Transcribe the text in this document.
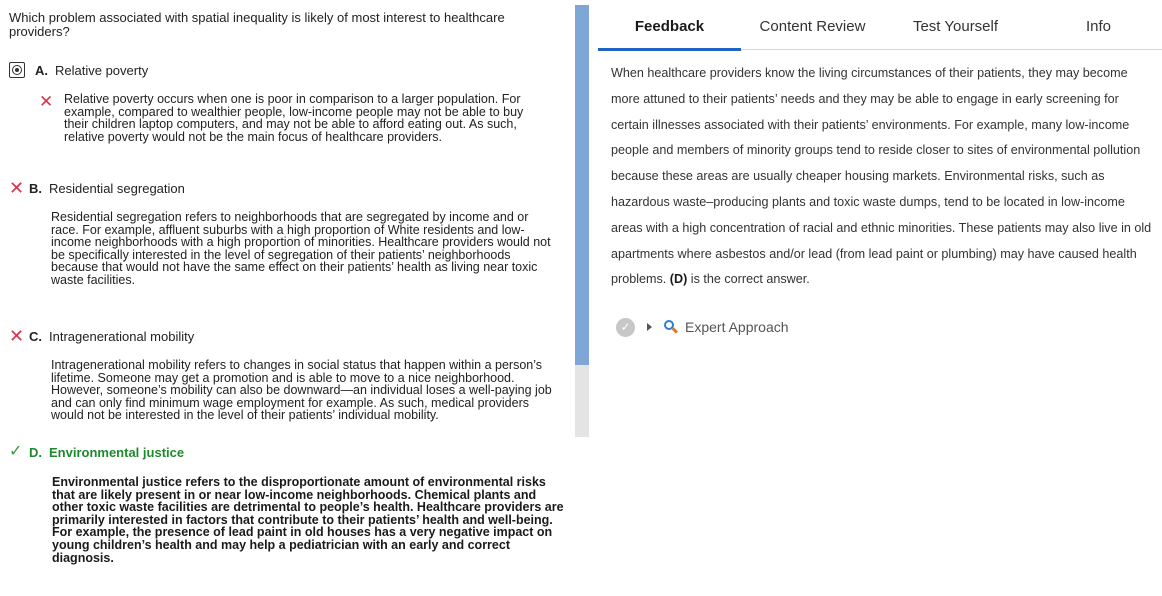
Which problem associated with spatial inequality is likely of most interest to healthcare providers?
A. Relative poverty
✕ Relative poverty occurs when one is poor in comparison to a larger population. For example, compared to wealthier people, low-income people may not be able to buy their children laptop computers, and may not be able to afford eating out. As such, relative poverty would not be the main focus of healthcare providers.
✕ B. Residential segregation
Residential segregation refers to neighborhoods that are segregated by income and or race. For example, affluent suburbs with a high proportion of White residents and low-income neighborhoods with a high proportion of minorities. Healthcare providers would not be specifically interested in the level of segregation of their patients’ neighborhoods because that would not have the same effect on their patients’ health as living near toxic waste facilities.
✕ C. Intragenerational mobility
Intragenerational mobility refers to changes in social status that happen within a person’s lifetime. Someone may get a promotion and is able to move to a nice neighborhood. However, someone’s mobility can also be downward—an individual loses a well-paying job and can only find minimum wage employment for example. As such, medical providers would not be interested in the level of their patients’ individual mobility.
✓ D. Environmental justice
Environmental justice refers to the disproportionate amount of environmental risks that are likely present in or near low-income neighborhoods. Chemical plants and other toxic waste facilities are detrimental to people’s health. Healthcare providers are primarily interested in factors that contribute to their patients’ health and well-being. For example, the presence of lead paint in old houses has a very negative impact on young children’s health and may help a pediatrician with an early and correct diagnosis.
Feedback	Content Review	Test Yourself	Info
When healthcare providers know the living circumstances of their patients, they may become more attuned to their patients’ needs and they may be able to engage in early screening for certain illnesses associated with their patients’ environments. For example, many low-income people and members of minority groups tend to reside closer to sites of environmental pollution because these areas are usually cheaper housing markets. Environmental risks, such as hazardous waste–producing plants and toxic waste dumps, tend to be located in low-income areas with a high concentration of racial and ethnic minorities. These patients may also live in old apartments where asbestos and/or lead (from lead paint or plumbing) may have caused health problems. (D) is the correct answer.
✓	Expert Approach
